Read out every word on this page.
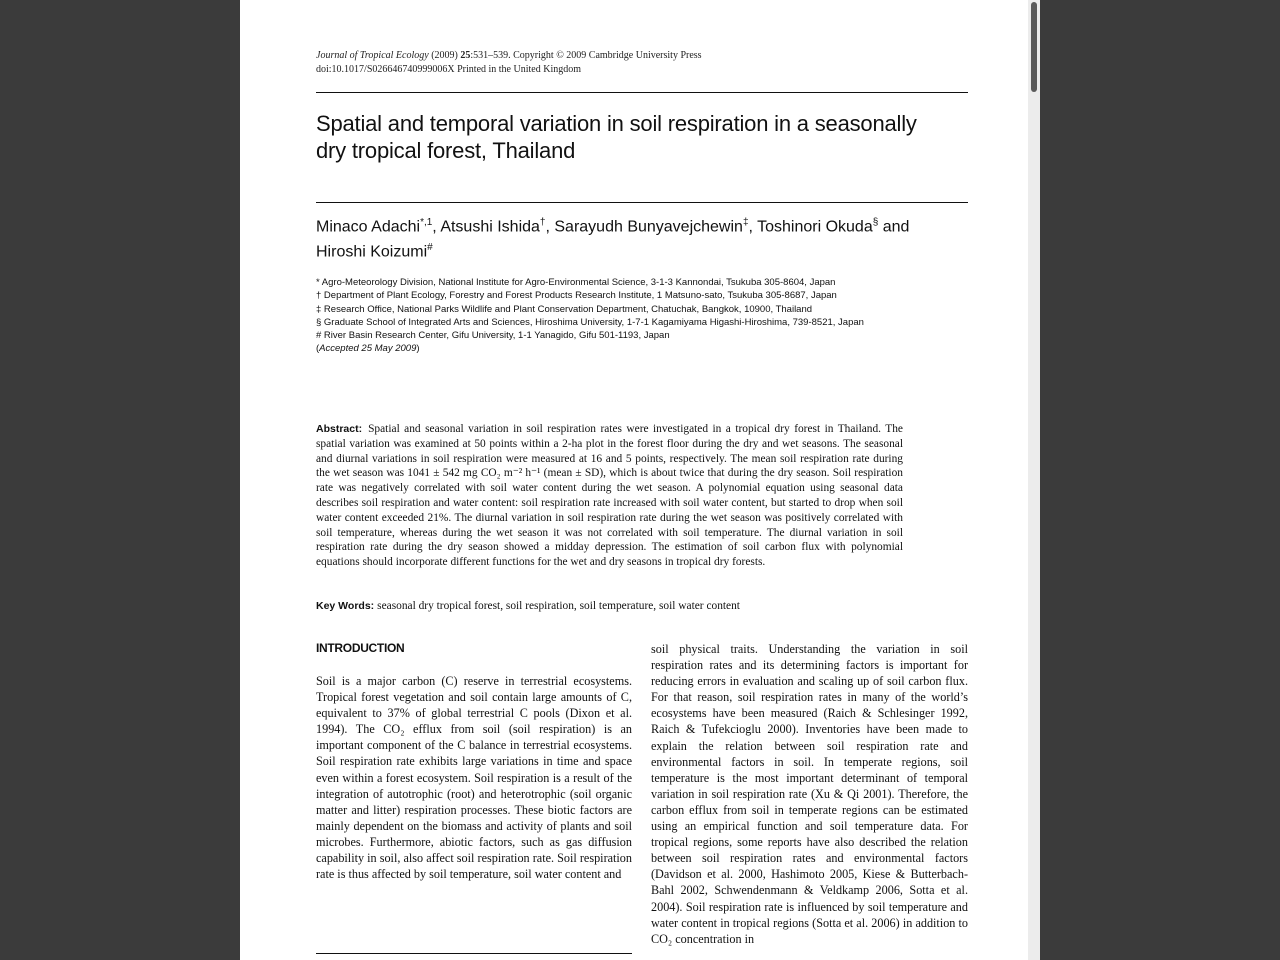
Journal of Tropical Ecology (2009) 25:531–539. Copyright © 2009 Cambridge University Press
doi:10.1017/S026646740999006X Printed in the United Kingdom
Spatial and temporal variation in soil respiration in a seasonally dry tropical forest, Thailand
Minaco Adachi$^{*,1}$, Atsushi Ishida†, Sarayudh Bunyavejchewin‡, Toshinori Okuda§ and
Hiroshi Koizumi#
* Agro-Meteorology Division, National Institute for Agro-Environmental Science, 3-1-3 Kannondai, Tsukuba 305-8604, Japan
† Department of Plant Ecology, Forestry and Forest Products Research Institute, 1 Matsuno-sato, Tsukuba 305-8687, Japan
‡ Research Office, National Parks Wildlife and Plant Conservation Department, Chatuchak, Bangkok, 10900, Thailand
§ Graduate School of Integrated Arts and Sciences, Hiroshima University, 1-7-1 Kagamiyama Higashi-Hiroshima, 739-8521, Japan
# River Basin Research Center, Gifu University, 1-1 Yanagido, Gifu 501-1193, Japan
(Accepted 25 May 2009)
Abstract: Spatial and seasonal variation in soil respiration rates were investigated in a tropical dry forest in Thailand. The spatial variation was examined at 50 points within a 2-ha plot in the forest floor during the dry and wet seasons. The seasonal and diurnal variations in soil respiration were measured at 16 and 5 points, respectively. The mean soil respiration rate during the wet season was 1041 ± 542 mg CO₂ m⁻² h⁻¹ (mean ± SD), which is about twice that during the dry season. Soil respiration rate was negatively correlated with soil water content during the wet season. A polynomial equation using seasonal data describes soil respiration and water content: soil respiration rate increased with soil water content, but started to drop when soil water content exceeded 21%. The diurnal variation in soil respiration rate during the wet season was positively correlated with soil temperature, whereas during the wet season it was not correlated with soil temperature. The diurnal variation in soil respiration rate during the dry season showed a midday depression. The estimation of soil carbon flux with polynomial equations should incorporate different functions for the wet and dry seasons in tropical dry forests.
Key Words: seasonal dry tropical forest, soil respiration, soil temperature, soil water content
INTRODUCTION
Soil is a major carbon (C) reserve in terrestrial ecosystems. Tropical forest vegetation and soil contain large amounts of C, equivalent to 37% of global terrestrial C pools (Dixon et al. 1994). The CO₂ efflux from soil (soil respiration) is an important component of the C balance in terrestrial ecosystems. Soil respiration rate exhibits large variations in time and space even within a forest ecosystem. Soil respiration is a result of the integration of autotrophic (root) and heterotrophic (soil organic matter and litter) respiration processes. These biotic factors are mainly dependent on the biomass and activity of plants and soil microbes. Furthermore, abiotic factors, such as gas diffusion capability in soil, also affect soil respiration rate. Soil respiration rate is thus affected by soil temperature, soil water content and
soil physical traits. Understanding the variation in soil respiration rates and its determining factors is important for reducing errors in evaluation and scaling up of soil carbon flux. For that reason, soil respiration rates in many of the world’s ecosystems have been measured (Raich & Schlesinger 1992, Raich & Tufekcioglu 2000). Inventories have been made to explain the relation between soil respiration rate and environmental factors in soil. In temperate regions, soil temperature is the most important determinant of temporal variation in soil respiration rate (Xu & Qi 2001). Therefore, the carbon efflux from soil in temperate regions can be estimated using an empirical function and soil temperature data. For tropical regions, some reports have also described the relation between soil respiration rates and environmental factors (Davidson et al. 2000, Hashimoto 2005, Kiese & Butterbach-Bahl 2002, Schwendenmann & Veldkamp 2006, Sotta et al. 2004). Soil respiration rate is influenced by soil temperature and water content in tropical regions (Sotta et al. 2006) in addition to CO₂ concentration in
